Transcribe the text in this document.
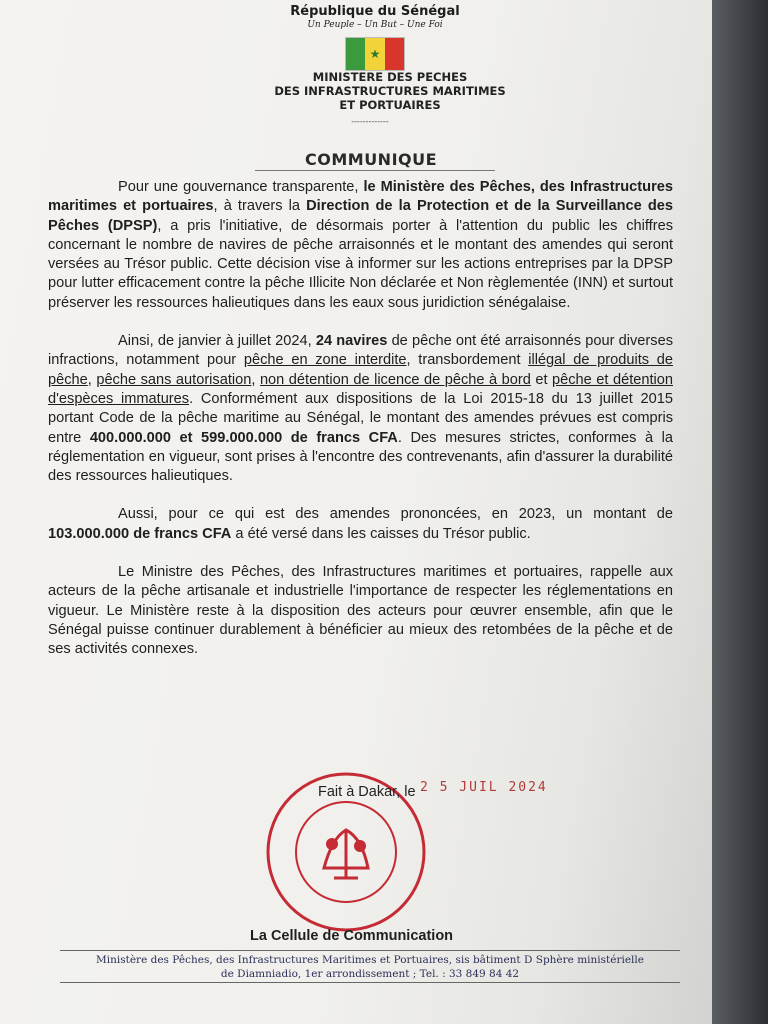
République du Sénégal
Un Peuple – Un But – Une Foi
★
MINISTERE DES PECHES
DES INFRASTRUCTURES MARITIMES
ET PORTUAIRES
-------------
COMMUNIQUE

Pour une gouvernance transparente, le Ministère des Pêches, des Infrastructures maritimes et portuaires, à travers la Direction de la Protection et de la Surveillance des Pêches (DPSP), a pris l'initiative, de désormais porter à l'attention du public les chiffres concernant le nombre de navires de pêche arraisonnés et le montant des amendes qui seront versées au Trésor public. Cette décision vise à informer sur les actions entreprises par la DPSP pour lutter efficacement contre la pêche Illicite Non déclarée et Non règlementée (INN) et surtout préserver les ressources halieutiques dans les eaux sous juridiction sénégalaise.

Ainsi, de janvier à juillet 2024, 24 navires de pêche ont été arraisonnés pour diverses infractions, notamment pour pêche en zone interdite, transbordement illégal de produits de pêche, pêche sans autorisation, non détention de licence de pêche à bord et pêche et détention d'espèces immatures. Conformément aux dispositions de la Loi 2015-18 du 13 juillet 2015 portant Code de la pêche maritime au Sénégal, le montant des amendes prévues est compris entre 400.000.000 et 599.000.000 de francs CFA. Des mesures strictes, conformes à la réglementation en vigueur, sont prises à l'encontre des contrevenants, afin d'assurer la durabilité des ressources halieutiques.

Aussi, pour ce qui est des amendes prononcées, en 2023, un montant de 103.000.000 de francs CFA a été versé dans les caisses du Trésor public.

Le Ministre des Pêches, des Infrastructures maritimes et portuaires, rappelle aux acteurs de la pêche artisanale et industrielle l'importance de respecter les réglementations en vigueur. Le Ministère reste à la disposition des acteurs pour œuvrer ensemble, afin que le Sénégal puisse continuer durablement à bénéficier au mieux des retombées de la pêche et de ses activités connexes.

Fait à Dakar, le 2 5 JUIL 2024
La Cellule de Communication
Ministère des Pêches, des Infrastructures Maritimes et Portuaires, sis bâtiment D Sphère ministérielle
de Diamniadio, 1er arrondissement ; Tel. : 33 849 84 42
